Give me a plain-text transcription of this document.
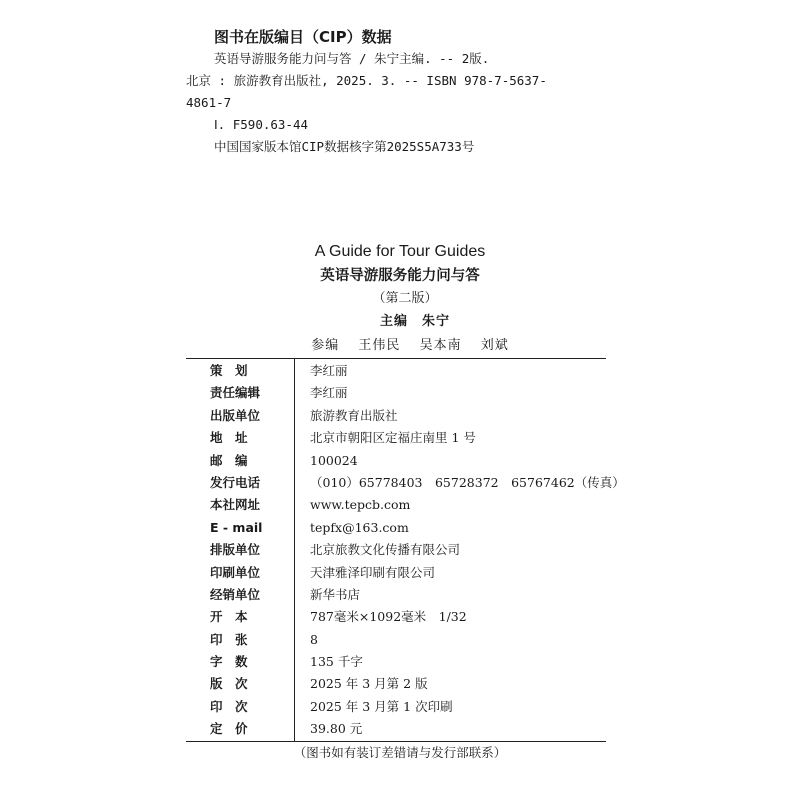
图书在版编目（CIP）数据
英语导游服务能力问与答 / 朱宁主编. -- 2版.
北京 : 旅游教育出版社, 2025. 3. -- ISBN 978-7-5637-
4861-7
Ⅰ. F590.63-44
中国国家版本馆CIP数据核字第2025S5A733号
A Guide for Tour Guides
英语导游服务能力问与答
（第二版）
主编　朱宁
参编 王伟民 吴本南 刘斌
策　划	李红丽
责任编辑	李红丽
出版单位	旅游教育出版社
地　址	北京市朝阳区定福庄南里 1 号
邮　编	100024
发行电话	（010）65778403　65728372　65767462（传真）
本社网址	www.tepcb.com
E - mail	tepfx@163.com
排版单位	北京旅教文化传播有限公司
印刷单位	天津雅泽印刷有限公司
经销单位	新华书店
开　本	787毫米×1092毫米　1/32
印　张	8
字　数	135 千字
版　次	2025 年 3 月第 2 版
印　次	2025 年 3 月第 1 次印刷
定　价	39.80 元
（图书如有装订差错请与发行部联系）
